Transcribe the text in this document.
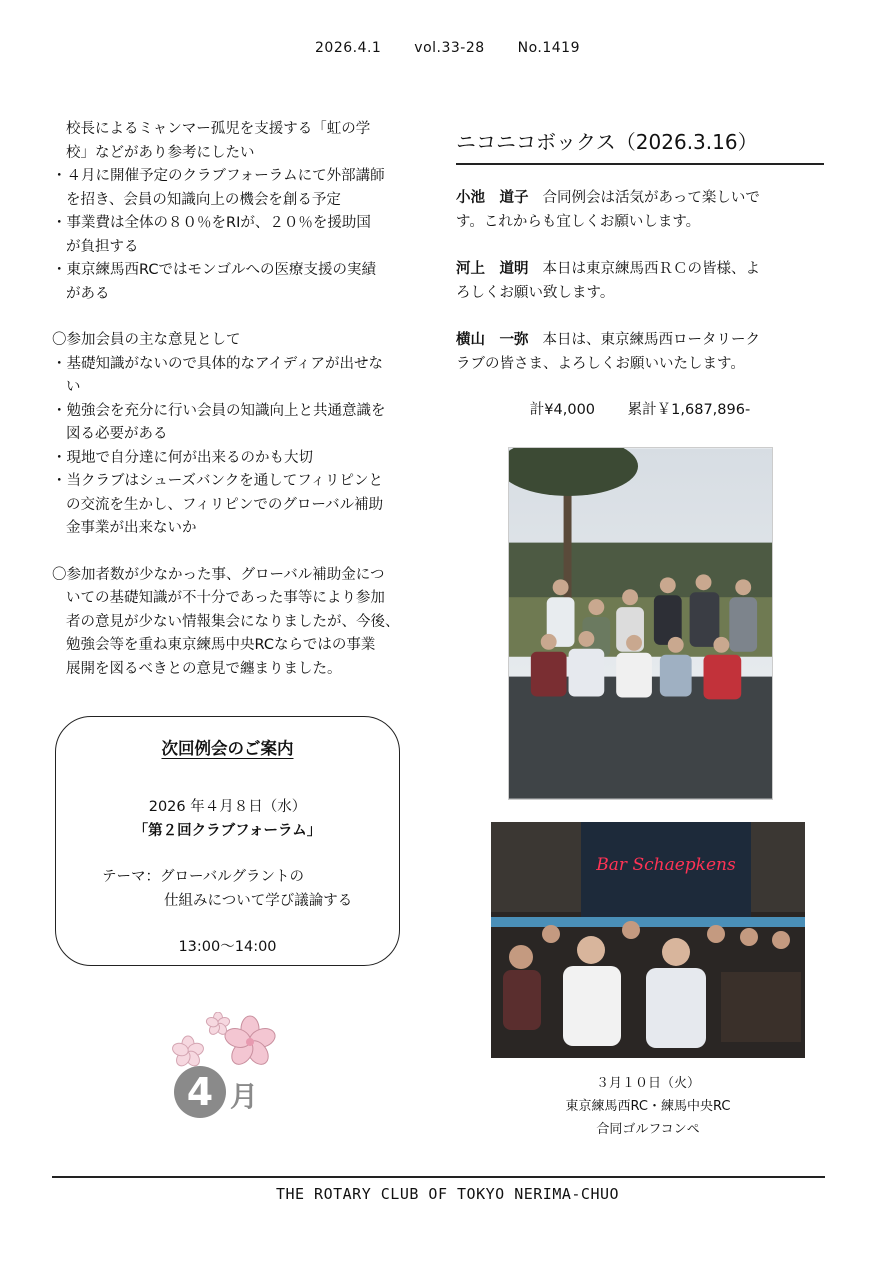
2026.4.1 vol.33-28 No.1419

校長によるミャンマー孤児を支援する「虹の学

校」などがあり参考にしたい

・４月に開催予定のクラブフォーラムにて外部講師

を招き、会員の知識向上の機会を創る予定

・事業費は全体の８０％をRIが、２０％を援助国

が負担する

・東京練馬西RCではモンゴルへの医療支援の実績

がある

〇参加会員の主な意見として

・基礎知識がないので具体的なアイディアが出せな

い

・勉強会を充分に行い会員の知識向上と共通意識を

図る必要がある

・現地で自分達に何が出来るのかも大切

・当クラブはシューズバンクを通してフィリピンと

の交流を生かし、フィリピンでのグローバル補助

金事業が出来ないか

〇参加者数が少なかった事、グローバル補助金につ

いての基礎知識が不十分であった事等により参加

者の意見が少ない情報集会になりましたが、今後、

勉強会等を重ね東京練馬中央RCならではの事業

展開を図るべきとの意見で纏まりました。

次回例会のご案内
2026 年４月８日（水）
「第２回クラブフォーラム」
テーマ：グローバルグラントの
仕組みについて学び議論する
13:00〜14:00
4 月
ニコニコボックス（2026.3.16）

小池　道子 合同例会は活気があって楽しいで

す。これからも宜しくお願いします。

河上　道明 本日は東京練馬西ＲＣの皆様、よ

ろしくお願い致します。

横山　一弥 本日は、東京練馬西ロータリーク

ラブの皆さま、よろしくお願いいたします。

計¥4,000 累計￥1,687,896-
Bar Schaepkens
３月１０日（火）
東京練馬西RC・練馬中央RC
合同ゴルフコンペ
THE ROTARY CLUB OF TOKYO NERIMA-CHUO
